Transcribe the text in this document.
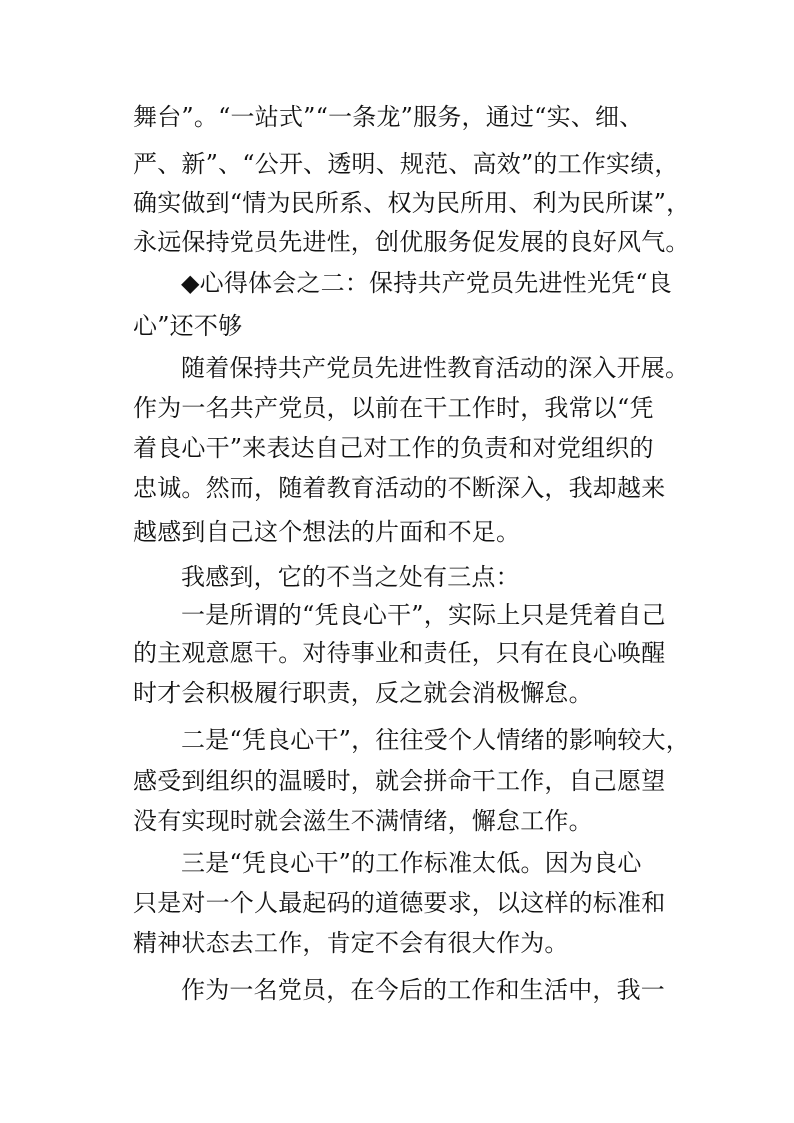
舞台”。“一站式”“一条龙”服务，通过“实、细、
严、新”、“公开、透明、规范、高效”的工作实绩，
确实做到“情为民所系、权为民所用、利为民所谋”，
永远保持党员先进性，创优服务促发展的良好风气。
◆心得体会之二：保持共产党员先进性光凭“良
心”还不够
随着保持共产党员先进性教育活动的深入开展。
作为一名共产党员，以前在干工作时，我常以“凭
着良心干”来表达自己对工作的负责和对党组织的
忠诚。然而，随着教育活动的不断深入，我却越来
越感到自己这个想法的片面和不足。
我感到，它的不当之处有三点：
一是所谓的“凭良心干”，实际上只是凭着自己
的主观意愿干。对待事业和责任，只有在良心唤醒
时才会积极履行职责，反之就会消极懈怠。
二是“凭良心干”，往往受个人情绪的影响较大，
感受到组织的温暖时，就会拼命干工作，自己愿望
没有实现时就会滋生不满情绪，懈怠工作。
三是“凭良心干”的工作标准太低。因为良心
只是对一个人最起码的道德要求，以这样的标准和
精神状态去工作，肯定不会有很大作为。
作为一名党员，在今后的工作和生活中，我一
